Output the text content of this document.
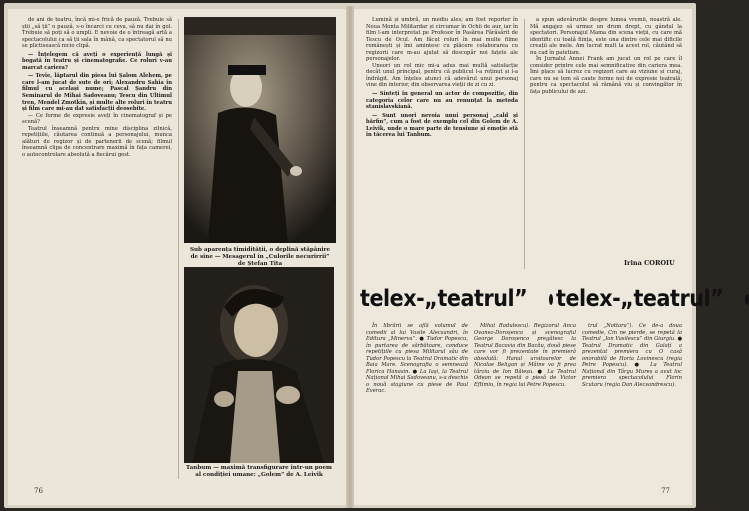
de ani de teatru, încă mi-e frică de pauză. Trebuie să știi „să ții” o pauză, s-o încarci cu ceva, să nu dai în gol. Trebuie să poți să o umpli. E nevoie de o întreagă artă a spectacolului ca să ții sala în mână, ca spectatorul să nu se plictisească nicio clipă.

— Înțelegem că aveți o experiență lungă și bogată în teatru și cinematografie. Ce roluri v-au marcat cariera?

— Tevie, lăptarul din piesa lui Șalom Alehem, pe care l-am jucat de sute de ori; Alexandru Sahia în filmul cu același nume; Pascal Șandru din Seminarul de Mihai Sadoveanu; Tescu din Ultimul tren, Mendel Zmotkin, și multe alte roluri în teatru și film care mi-au dat satisfacții deosebite.

— Ce forme de expresie aveți în cinematograf și pe scenă?

Teatrul înseamnă pentru mine disciplina zilnică, repetițiile, căutarea continuă a personajului, munca alături de regizor și de partenerii de scenă; filmul înseamnă clipa de concentrare maximă în fața camerei, o autocontrolare absolută a fiecărui gest.

Sub aparența timidității, o deplină stăpânire de sine — Mesagerul în „Culorile necurirrii” de Ștefan Tita
Tanbum — maximă transfigurare într-un poem al condiției umane: „Golem” de A. Leivik

76

Lumină și umbră, un mediu ales; am fost reporter în Noua Monta Militardar și circumar în Ochii de aur, iar în film l-am interpretat pe Profesor în Pasărea Fărăsărit de Tescu de Ocul. Am făcut roluri în mai multe filme românești și îmi amintesc cu plăcere colaborarea cu regizorii care m-au ajutat să descopăr noi fațete ale personajelor.

Uneori un rol mic mi-a adus mai multă satisfacție decât unul principal, pentru că publicul l-a reținut și l-a îndrăgit. Am înțeles atunci că adevărul unui personaj vine din interior, din observarea vieții de zi cu zi.

— Sinteți în general un actor de compoziție, din categoria celor care nu au renunțat la metoda stanislavskiană.

— Sunt unori nevoia unui personaj „cald și bărfin”, cum a fost de exemplu cel din Golem de A. Leivik, unde o mare parte de tensiune și emoție stă în tăcerea lui Tanbum.

a spun adevărurile despre lumea vremii, noastră ale. Mă angajez să urmez un drum drept, cu gândul la spectatori. Personajul Mama din scena vieții, cu care mă identific cu toată ființa, este una dintre cele mai dificile creații ale mele. Am lucrat mult la acest rol, căutând să nu cad în patetism.

În Jurnalul Annei Frank am jucat un rol pe care îl consider printre cele mai semnificative din cariera mea. Îmi place să lucrez cu regizori care au viziune și curaj, care nu se tem să caute forme noi de expresie teatrală, pentru ca spectacolul să rămână viu și convingător în fața publicului de azi.

Irina COROIU
telex-„teatrul” telex-„teatrul”

În librării se află volumul de comedii al lui Vasile Alecsandri, în Editura „Minerva”. ● Tudor Popescu, în purtarea de sărbătoare, conduce repetițiile cu piesa Militarul său de Tudor Popescu la Teatrul Dramatic din Baia Mare. Scenografia o semnează Florica Hanasin. ● La Iași, la Teatrul Național Mihai Sadoveanu, s-a deschis o nouă stagiune cu piese de Paul Everac.

Mihai Radulescu). Regizorul Anca Ovanez-Doroșenco și scenograful George Doroșenco pregătesc la Teatrul Bacovia din Bacău, două piese care vor fi prezentate în premieră absolută: Hanul ursitoarelor de Nicolae Beligan și Mâine va fi prea târziu de Ion Băieșu. ● La Teatrul Odeon se repetă o piesă de Victor Eftimiu, în regia lui Petre Popescu.

trul „Nottara”). Ce de-a doua comedie, Cin ne pierde, se repetă la Teatrul „Ion Vasilescu” din Giurgiu. ● Teatrul Dramatic din Galați a prezentat premiera cu O casă onorabilă de Horia Lovinescu (regia Petre Popescu). ● La Teatrul Național din Târgu Mureș a avut loc premiera spectacolului Florin Scutaru (regia Dan Alecsandrescu).

77
